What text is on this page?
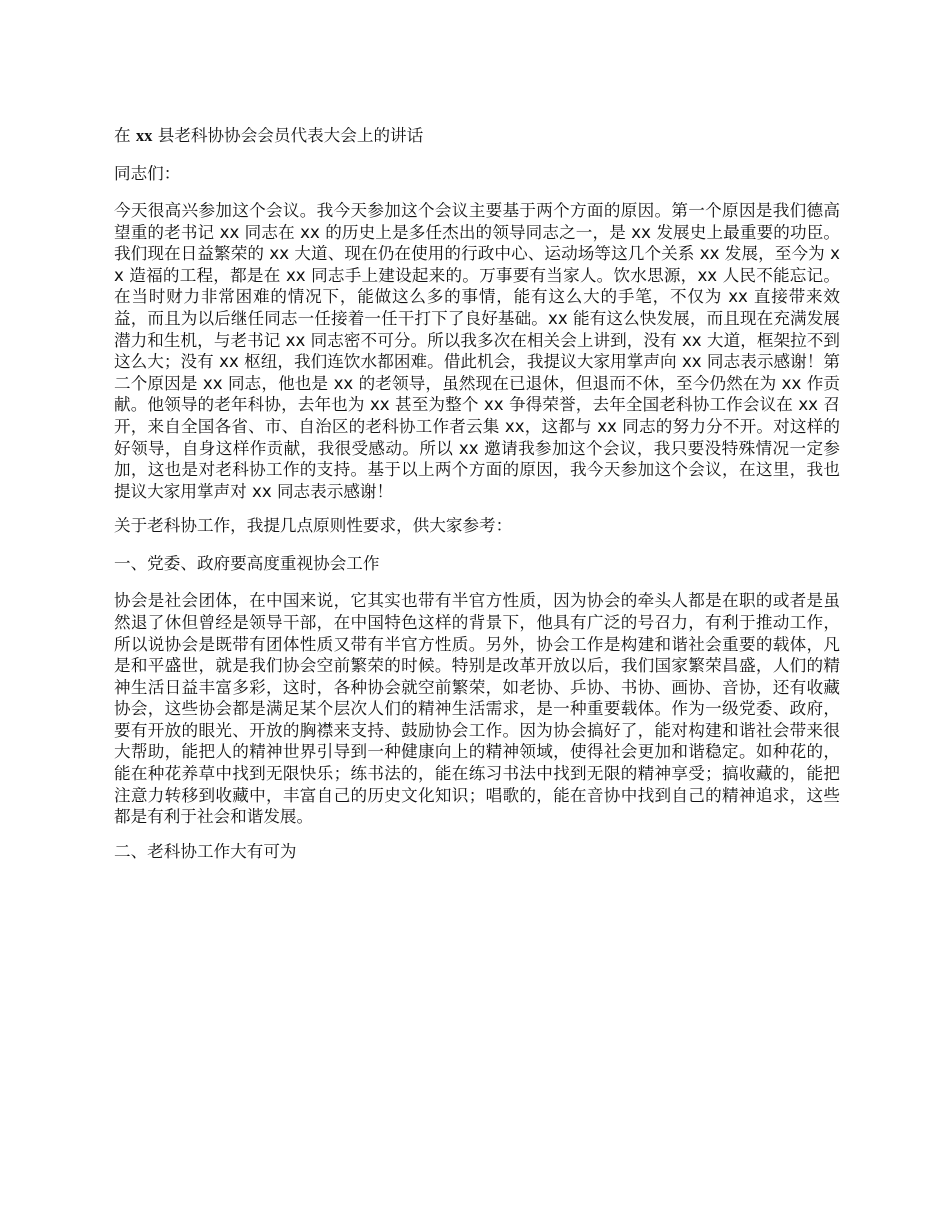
在 xx 县老科协协会会员代表大会上的讲话

同志们：

今天很高兴参加这个会议。我今天参加这个会议主要基于两个方面的原因。第一个原因是我们德高望重的老书记 xx 同志在 xx 的历史上是多任杰出的领导同志之一，是 xx 发展史上最重要的功臣。我们现在日益繁荣的 xx 大道、现在仍在使用的行政中心、运动场等这几个关系 xx 发展，至今为 xx 造福的工程，都是在 xx 同志手上建设起来的。万事要有当家人。饮水思源，xx 人民不能忘记。在当时财力非常困难的情况下，能做这么多的事情，能有这么大的手笔，不仅为 xx 直接带来效益，而且为以后继任同志一任接着一任干打下了良好基础。xx 能有这么快发展，而且现在充满发展潜力和生机，与老书记 xx 同志密不可分。所以我多次在相关会上讲到，没有 xx 大道，框架拉不到这么大；没有 xx 枢纽，我们连饮水都困难。借此机会，我提议大家用掌声向 xx 同志表示感谢！第二个原因是 xx 同志，他也是 xx 的老领导，虽然现在已退休，但退而不休，至今仍然在为 xx 作贡献。他领导的老年科协，去年也为 xx 甚至为整个 xx 争得荣誉，去年全国老科协工作会议在 xx 召开，来自全国各省、市、自治区的老科协工作者云集 xx，这都与 xx 同志的努力分不开。对这样的好领导，自身这样作贡献，我很受感动。所以 xx 邀请我参加这个会议，我只要没特殊情况一定参加，这也是对老科协工作的支持。基于以上两个方面的原因，我今天参加这个会议，在这里，我也提议大家用掌声对 xx 同志表示感谢！

关于老科协工作，我提几点原则性要求，供大家参考：

一、党委、政府要高度重视协会工作

协会是社会团体，在中国来说，它其实也带有半官方性质，因为协会的牵头人都是在职的或者是虽然退了休但曾经是领导干部，在中国特色这样的背景下，他具有广泛的号召力，有利于推动工作，所以说协会是既带有团体性质又带有半官方性质。另外，协会工作是构建和谐社会重要的载体，凡是和平盛世，就是我们协会空前繁荣的时候。特别是改革开放以后，我们国家繁荣昌盛，人们的精神生活日益丰富多彩，这时，各种协会就空前繁荣，如老协、乒协、书协、画协、音协，还有收藏协会，这些协会都是满足某个层次人们的精神生活需求，是一种重要载体。作为一级党委、政府，要有开放的眼光、开放的胸襟来支持、鼓励协会工作。因为协会搞好了，能对构建和谐社会带来很大帮助，能把人的精神世界引导到一种健康向上的精神领域，使得社会更加和谐稳定。如种花的，能在种花养草中找到无限快乐；练书法的，能在练习书法中找到无限的精神享受；搞收藏的，能把注意力转移到收藏中，丰富自己的历史文化知识；唱歌的，能在音协中找到自己的精神追求，这些都是有利于社会和谐发展。

二、老科协工作大有可为
